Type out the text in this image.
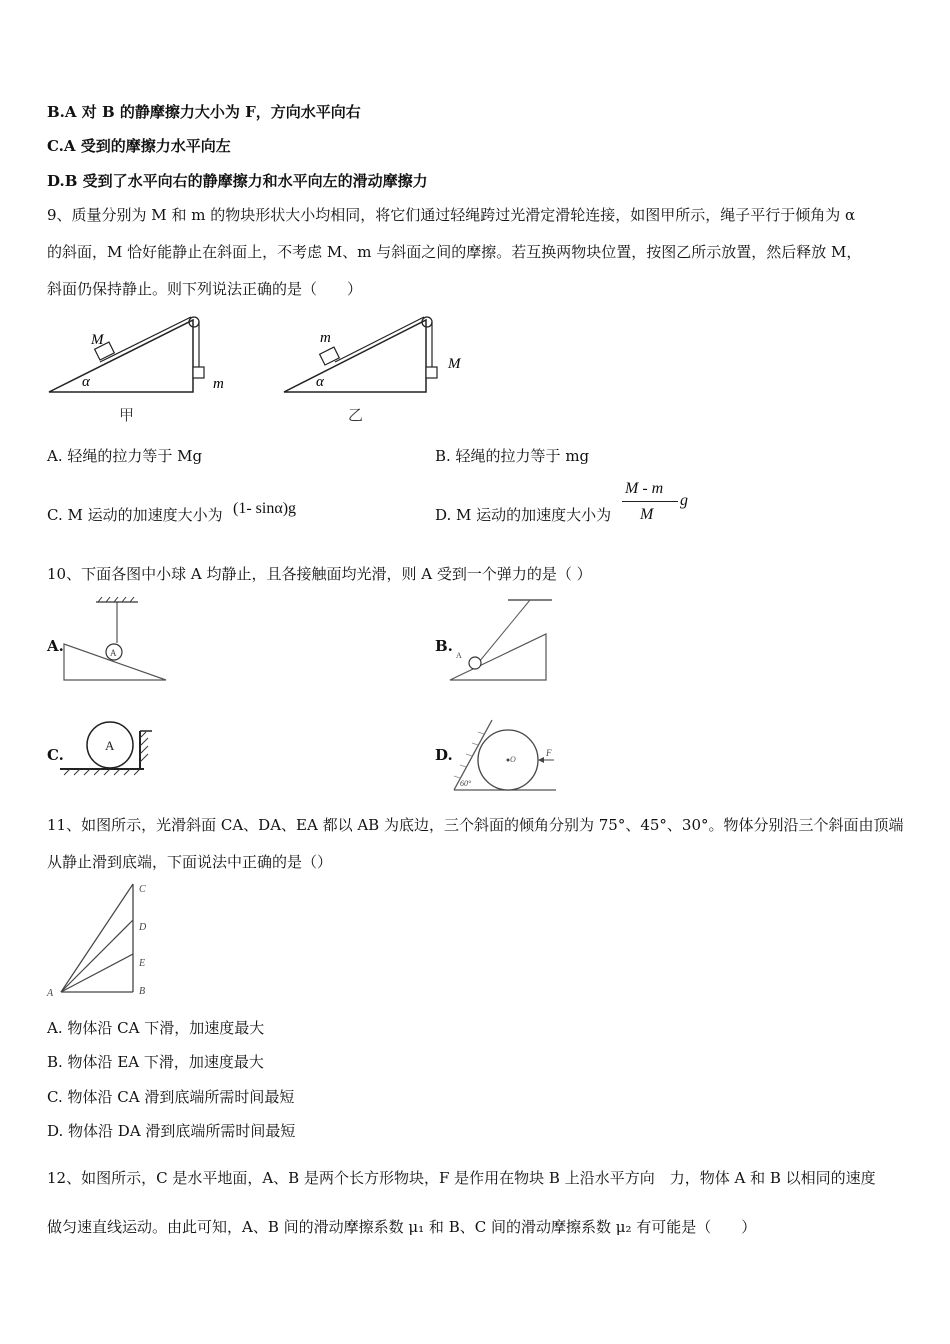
B.A 对 B 的静摩擦力大小为 F，方向水平向右
C.A 受到的摩擦力水平向左
D.B 受到了水平向右的静摩擦力和水平向左的滑动摩擦力
9、质量分别为 M 和 m 的物块形状大小均相同，将它们通过轻绳跨过光滑定滑轮连接，如图甲所示，绳子平行于倾角为 α
的斜面，M 恰好能静止在斜面上，不考虑 M、m 与斜面之间的摩擦。若互换两物块位置，按图乙所示放置，然后释放 M，
斜面仍保持静止。则下列说法正确的是（　　）
M
m
α
甲
m
M
α
乙
A. 轻绳的拉力等于 Mg	B. 轻绳的拉力等于 mg
C. M 运动的加速度大小为 (1- sinα)g	D. M 运动的加速度大小为
M - m
M
g
10、下面各图中小球 A 均静止，且各接触面均光滑，则 A 受到一个弹力的是（ ）
A.	A	B.
A
C.
A
D.	O
F
60°
11、如图所示，光滑斜面 CA、DA、EA 都以 AB 为底边，三个斜面的倾角分别为 75°、45°、30°。物体分别沿三个斜面由顶端
从静止滑到底端，下面说法中正确的是（）
A	B
C
D
E
A. 物体沿 CA 下滑，加速度最大
B. 物体沿 EA 下滑，加速度最大
C. 物体沿 CA 滑到底端所需时间最短
D. 物体沿 DA 滑到底端所需时间最短
12、如图所示，C 是水平地面，A、B 是两个长方形物块，F 是作用在物块 B 上沿水平方向　力，物体 A 和 B 以相同的速度
做匀速直线运动。由此可知，A、B 间的滑动摩擦系数 μ₁ 和 B、C 间的滑动摩擦系数 μ₂ 有可能是（　　）
